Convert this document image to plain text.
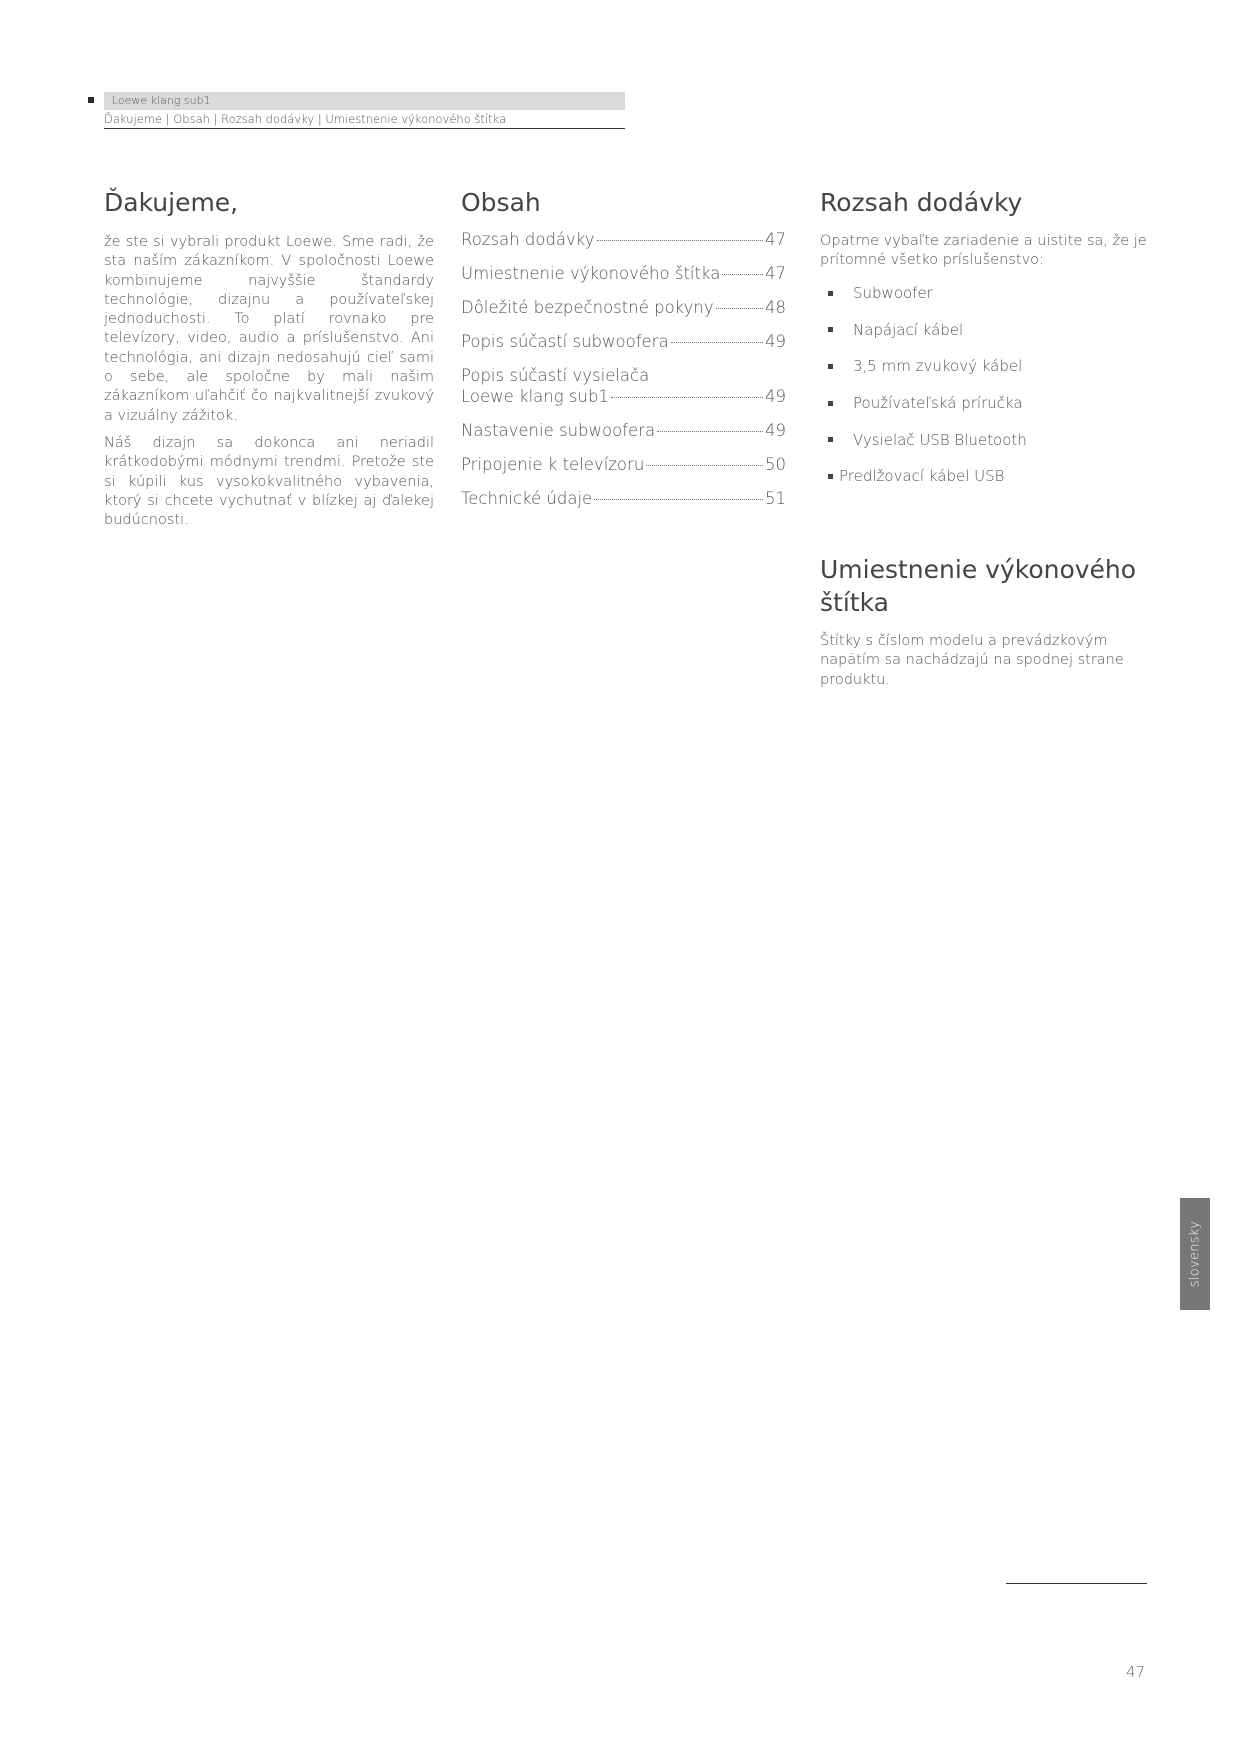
Loewe klang sub1
Ďakujeme | Obsah | Rozsah dodávky | Umiestnenie výkonového štítka
Ďakujeme,

že ste si vybrali produkt Loewe. Sme radi, že sta naším zákazníkom. V spoločnosti Loewe kombinujeme najvyššie štandardy technológie, dizajnu a používateľskej jednoduchosti. To platí rovnako pre televízory, video, audio a príslušenstvo. Ani technológia, ani dizajn nedosahujú cieľ sami o sebe, ale spoločne by mali našim zákazníkom uľahčiť čo najkvalitnejší zvukový a vizuálny zážitok.

Náš dizajn sa dokonca ani neriadil krátkodobými módnymi trendmi. Pretože ste si kúpili kus vysokokvalitného vybavenia, ktorý si chcete vychutnať v blízkej aj ďalekej budúcnosti.

Obsah
Rozsah dodávky	47
Umiestnenie výkonového štítka	47
Dôležité bezpečnostné pokyny	48
Popis súčastí subwoofera	49
Popis súčastí vysielača
Loewe klang sub1	49
Nastavenie subwoofera	49
Pripojenie k televízoru	50
Technické údaje	51
Rozsah dodávky

Opatrne vybaľte zariadenie a uistite sa, že je prítomné všetko príslušenstvo:

Subwoofer
Napájací kábel
3,5 mm zvukový kábel
Používateľská príručka
Vysielač USB Bluetooth
Predlžovací kábel USB
Umiestnenie výkonového štítka

Štítky s číslom modelu a prevádzkovým napätím sa nachádzajú na spodnej strane produktu.

slovensky
47
